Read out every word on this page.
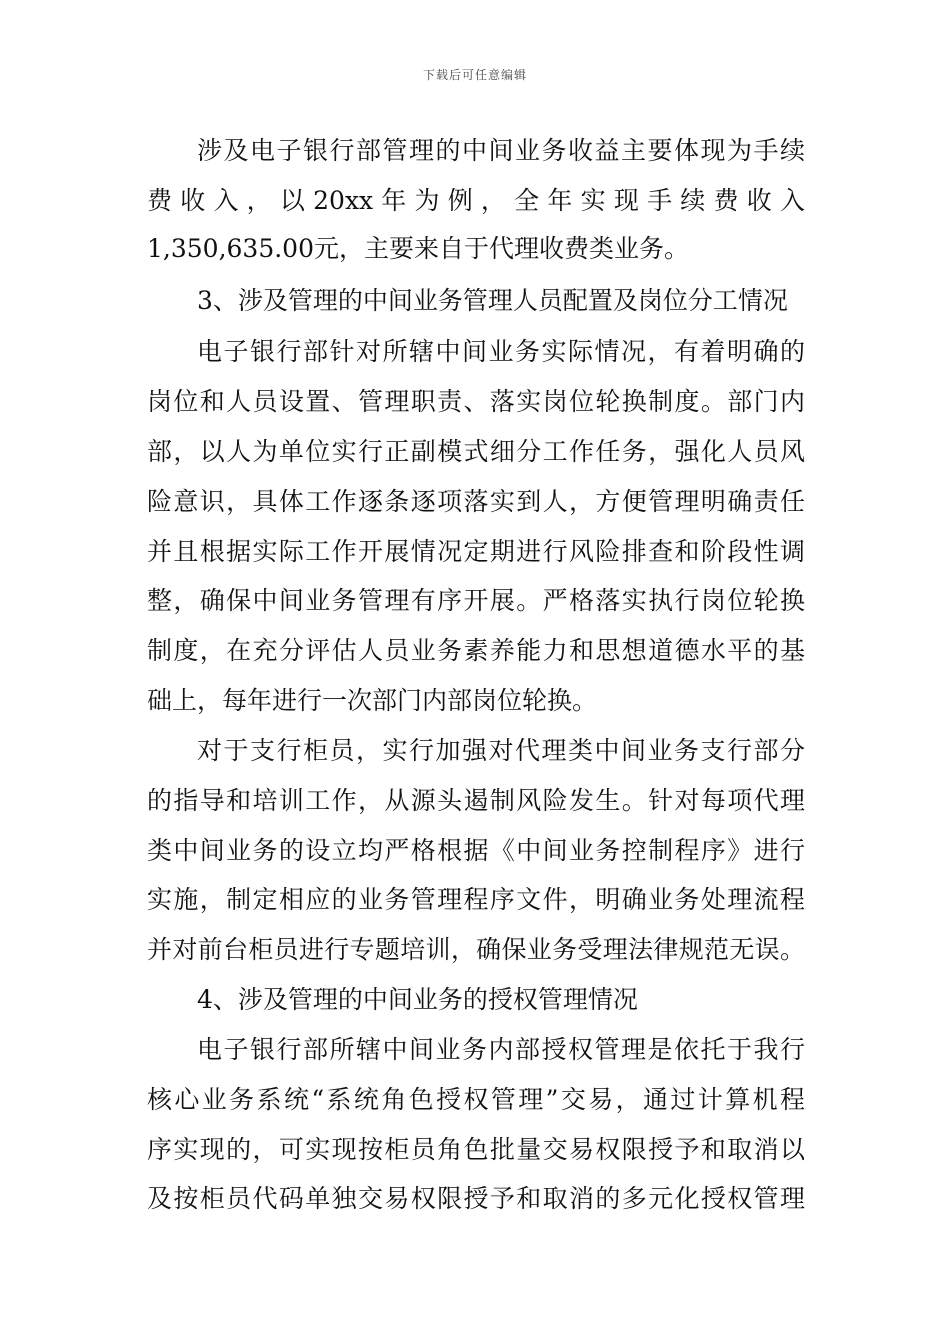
下载后可任意编辑
涉及电子银行部管理的中间业务收益主要体现为手续
费 收 入 ， 以 20xx 年 为 例 ， 全 年 实 现 手 续 费 收 入
1,350,635.00元，主要来自于代理收费类业务。
3、涉及管理的中间业务管理人员配置及岗位分工情况
电子银行部针对所辖中间业务实际情况，有着明确的
岗位和人员设置、管理职责、落实岗位轮换制度。部门内
部，以人为单位实行正副模式细分工作任务，强化人员风
险意识，具体工作逐条逐项落实到人，方便管理明确责任
并且根据实际工作开展情况定期进行风险排查和阶段性调
整，确保中间业务管理有序开展。严格落实执行岗位轮换
制度，在充分评估人员业务素养能力和思想道德水平的基
础上，每年进行一次部门内部岗位轮换。
对于支行柜员，实行加强对代理类中间业务支行部分
的指导和培训工作，从源头遏制风险发生。针对每项代理
类中间业务的设立均严格根据《中间业务控制程序》进行
实施，制定相应的业务管理程序文件，明确业务处理流程
并对前台柜员进行专题培训，确保业务受理法律规范无误。
4、涉及管理的中间业务的授权管理情况
电子银行部所辖中间业务内部授权管理是依托于我行
核心业务系统“系统角色授权管理”交易，通过计算机程
序实现的，可实现按柜员角色批量交易权限授予和取消以
及按柜员代码单独交易权限授予和取消的多元化授权管理
